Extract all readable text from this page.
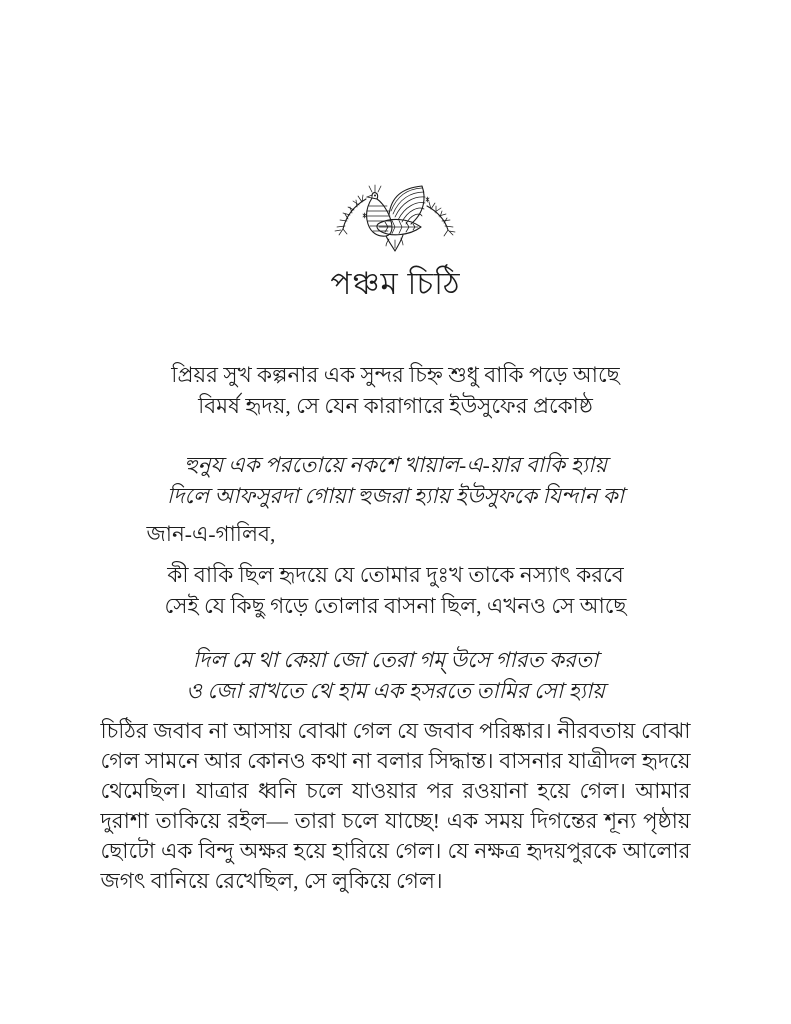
পঞ্চম চিঠি
প্রিয়র সুখ কল্পনার এক সুন্দর চিহ্ন শুধু বাকি পড়ে আছে
বিমর্ষ হৃদয়, সে যেন কারাগারে ইউসুফের প্রকোষ্ঠ
হুনুয এক পরতোয়ে নকশে খায়াল-এ-য়ার বাকি হ্যায়
দিলে আফসুরদা গোয়া হুজরা হ্যায় ইউসুফকে যিন্দান কা
জান-এ-গালিব,
কী বাকি ছিল হৃদয়ে যে তোমার দুঃখ তাকে নস্যাৎ করবে
সেই যে কিছু গড়ে তোলার বাসনা ছিল, এখনও সে আছে
দিল মে থা কেয়া জো তেরা গম্ উসে গারত করতা
ও জো রাখতে থে হাম এক হসরতে তামির সো হ্যায়

চিঠির জবাব না আসায় বোঝা গেল যে জবাব পরিষ্কার। নীরবতায় বোঝা গেল সামনে আর কোনও কথা না বলার সিদ্ধান্ত। বাসনার যাত্রীদল হৃদয়ে থেমেছিল। যাত্রার ধ্বনি চলে যাওয়ার পর রওয়ানা হয়ে গেল। আমার দুরাশা তাকিয়ে রইল— তারা চলে যাচ্ছে! এক সময় দিগন্তের শূন্য পৃষ্ঠায় ছোটো এক বিন্দু অক্ষর হয়ে হারিয়ে গেল। যে নক্ষত্র হৃদয়পুরকে আলোর জগৎ বানিয়ে রেখেছিল, সে লুকিয়ে গেল।
